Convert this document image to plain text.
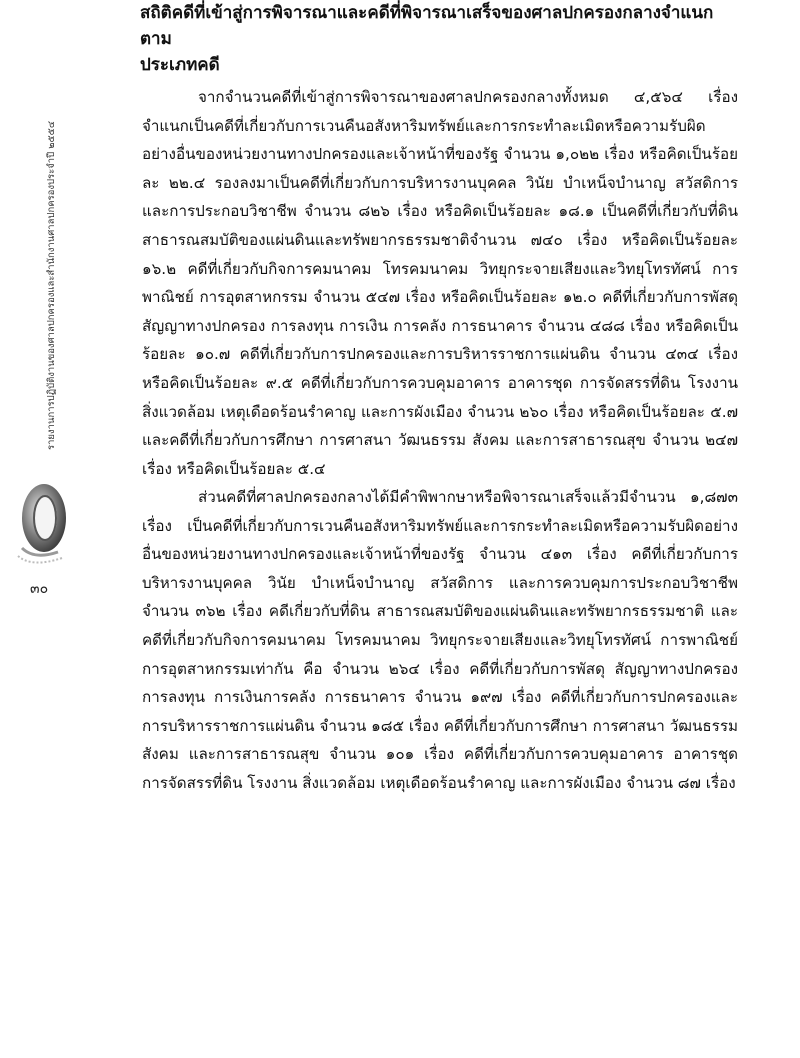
สถิติคดีที่เข้าสู่การพิจารณาและคดีที่พิจารณาเสร็จของศาลปกครองกลางจำแนกตาม

ประเภทคดี

จากจำนวนคดีที่เข้าสู่การพิจารณาของศาลปกครองกลางทั้งหมด ๔,๕๖๔ เรื่อง จำแนกเป็นคดีที่เกี่ยวกับการเวนคืนอสังหาริมทรัพย์และการกระทำละเมิดหรือความรับผิดอย่างอื่นของหน่วยงานทางปกครองและเจ้าหน้าที่ของรัฐ จำนวน ๑,๐๒๒ เรื่อง หรือคิดเป็นร้อยละ ๒๒.๔ รองลงมาเป็นคดีที่เกี่ยวกับการบริหารงานบุคคล วินัย บำเหน็จบำนาญ สวัสดิการ และการประกอบวิชาชีพ จำนวน ๘๒๖ เรื่อง หรือคิดเป็นร้อยละ ๑๘.๑ เป็นคดีที่เกี่ยวกับที่ดินสาธารณสมบัติของแผ่นดินและทรัพยากรธรรมชาติจำนวน ๗๔๐ เรื่อง หรือคิดเป็นร้อยละ ๑๖.๒ คดีที่เกี่ยวกับกิจการคมนาคม โทรคมนาคม วิทยุกระจายเสียงและวิทยุโทรทัศน์ การพาณิชย์ การอุตสาหกรรม จำนวน ๕๔๗ เรื่อง หรือคิดเป็นร้อยละ ๑๒.๐ คดีที่เกี่ยวกับการพัสดุ สัญญาทางปกครอง การลงทุน การเงิน การคลัง การธนาคาร จำนวน ๔๘๘ เรื่อง หรือคิดเป็นร้อยละ ๑๐.๗ คดีที่เกี่ยวกับการปกครองและการบริหารราชการแผ่นดิน จำนวน ๔๓๔ เรื่อง หรือคิดเป็นร้อยละ ๙.๕ คดีที่เกี่ยวกับการควบคุมอาคาร อาคารชุด การจัดสรรที่ดิน โรงงานสิ่งแวดล้อม เหตุเดือดร้อนรำคาญ และการผังเมือง จำนวน ๒๖๐ เรื่อง หรือคิดเป็นร้อยละ ๕.๗ และคดีที่เกี่ยวกับการศึกษา การศาสนา วัฒนธรรม สังคม และการสาธารณสุข จำนวน ๒๔๗ เรื่อง หรือคิดเป็นร้อยละ ๕.๔

ส่วนคดีที่ศาลปกครองกลางได้มีคำพิพากษาหรือพิจารณาเสร็จแล้วมีจำนวน ๑,๘๗๓ เรื่อง เป็นคดีที่เกี่ยวกับการเวนคืนอสังหาริมทรัพย์และการกระทำละเมิดหรือความรับผิดอย่างอื่นของหน่วยงานทางปกครองและเจ้าหน้าที่ของรัฐ จำนวน ๔๑๓ เรื่อง คดีที่เกี่ยวกับการบริหารงานบุคคล วินัย บำเหน็จบำนาญ สวัสดิการ และการควบคุมการประกอบวิชาชีพ จำนวน ๓๖๒ เรื่อง คดีเกี่ยวกับที่ดิน สาธารณสมบัติของแผ่นดินและทรัพยากรธรรมชาติ และคดีที่เกี่ยวกับกิจการคมนาคม โทรคมนาคม วิทยุกระจายเสียงและวิทยุโทรทัศน์ การพาณิชย์ การอุตสาหกรรมเท่ากัน คือ จำนวน ๒๖๔ เรื่อง คดีที่เกี่ยวกับการพัสดุ สัญญาทางปกครอง การลงทุน การเงินการคลัง การธนาคาร จำนวน ๑๙๗ เรื่อง คดีที่เกี่ยวกับการปกครองและการบริหารราชการแผ่นดิน จำนวน ๑๘๕ เรื่อง คดีที่เกี่ยวกับการศึกษา การศาสนา วัฒนธรรม สังคม และการสาธารณสุข จำนวน ๑๐๑ เรื่อง คดีที่เกี่ยวกับการควบคุมอาคาร อาคารชุด การจัดสรรที่ดิน โรงงาน สิ่งแวดล้อม เหตุเดือดร้อนรำคาญ และการผังเมือง จำนวน ๘๗ เรื่อง

รายงานการปฏิบัติงานของศาลปกครองและสำนักงานศาลปกครองประจำปี ๒๕๕๔
๓๐
